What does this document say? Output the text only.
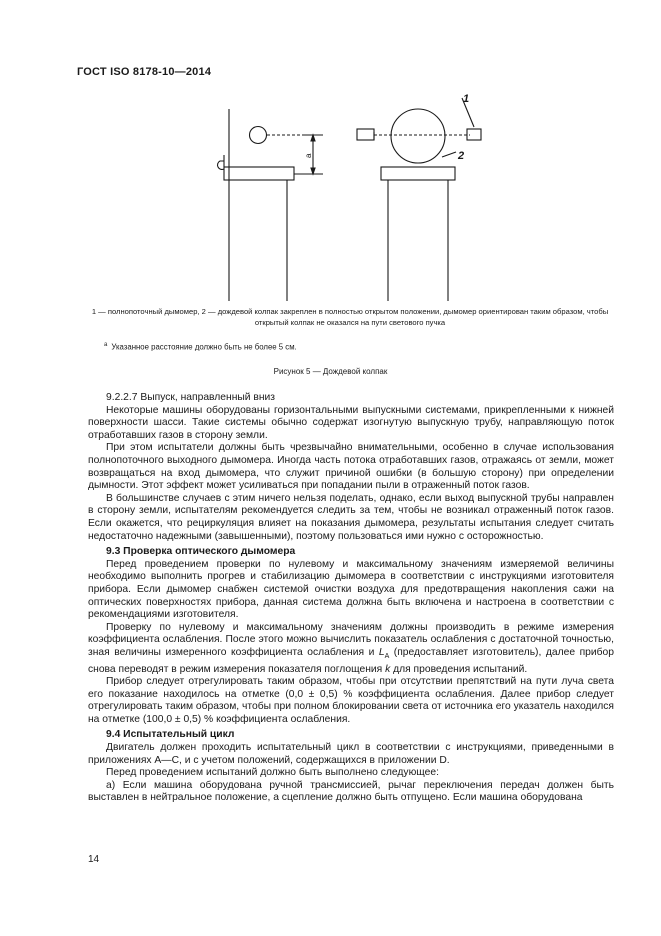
ГОСТ ISO 8178-10—2014
1
2
a
1 — полнопоточный дымомер, 2 — дождевой колпак закреплен в полностью открытом положении, дымомер ориентирован таким образом, чтобы открытый колпак не оказался на пути светового пучка
$^a$ Указанное расстояние должно быть не более 5 см.
Рисунок 5 — Дождевой колпак

9.2.2.7 Выпуск, направленный вниз

Некоторые машины оборудованы горизонтальными выпускными системами, прикрепленными к нижней поверхности шасси. Такие системы обычно содержат изогнутую выпускную трубу, направляющую поток отработавших газов в сторону земли.

При этом испытатели должны быть чрезвычайно внимательными, особенно в случае использования полнопоточного выходного дымомера. Иногда часть потока отработавших газов, отражаясь от земли, может возвращаться на вход дымомера, что служит причиной ошибки (в большую сторону) при определении дымности. Этот эффект может усиливаться при попадании пыли в отраженный поток газов.

В большинстве случаев с этим ничего нельзя поделать, однако, если выход выпускной трубы направлен в сторону земли, испытателям рекомендуется следить за тем, чтобы не возникал отраженный поток газов. Если окажется, что рециркуляция влияет на показания дымомера, результаты испытания следует считать недостаточно надежными (завышенными), поэтому пользоваться ими нужно с осторожностью.

9.3 Проверка оптического дымомера

Перед проведением проверки по нулевому и максимальному значениям измеряемой величины необходимо выполнить прогрев и стабилизацию дымомера в соответствии с инструкциями изготовителя прибора. Если дымомер снабжен системой очистки воздуха для предотвращения накопления сажи на оптических поверхностях прибора, данная система должна быть включена и настроена в соответствии с рекомендациями изготовителя.

Проверку по нулевому и максимальному значениям должны производить в режиме измерения коэффициента ослабления. После этого можно вычислить показатель ослабления с достаточной точностью, зная величины измеренного коэффициента ослабления и $L_A$ (предоставляет изготовитель), далее прибор снова переводят в режим измерения показателя поглощения k для проведения испытаний.

Прибор следует отрегулировать таким образом, чтобы при отсутствии препятствий на пути луча света его показание находилось на отметке (0,0 ± 0,5) % коэффициента ослабления. Далее прибор следует отрегулировать таким образом, чтобы при полном блокировании света от источника его указатель находился на отметке (100,0 ± 0,5) % коэффициента ослабления.

9.4 Испытательный цикл

Двигатель должен проходить испытательный цикл в соответствии с инструкциями, приведенными в приложениях А—С, и с учетом положений, содержащихся в приложении D.

Перед проведением испытаний должно быть выполнено следующее:

а) Если машина оборудована ручной трансмиссией, рычаг переключения передач должен быть выставлен в нейтральное положение, а сцепление должно быть отпущено. Если машина оборудована

14
